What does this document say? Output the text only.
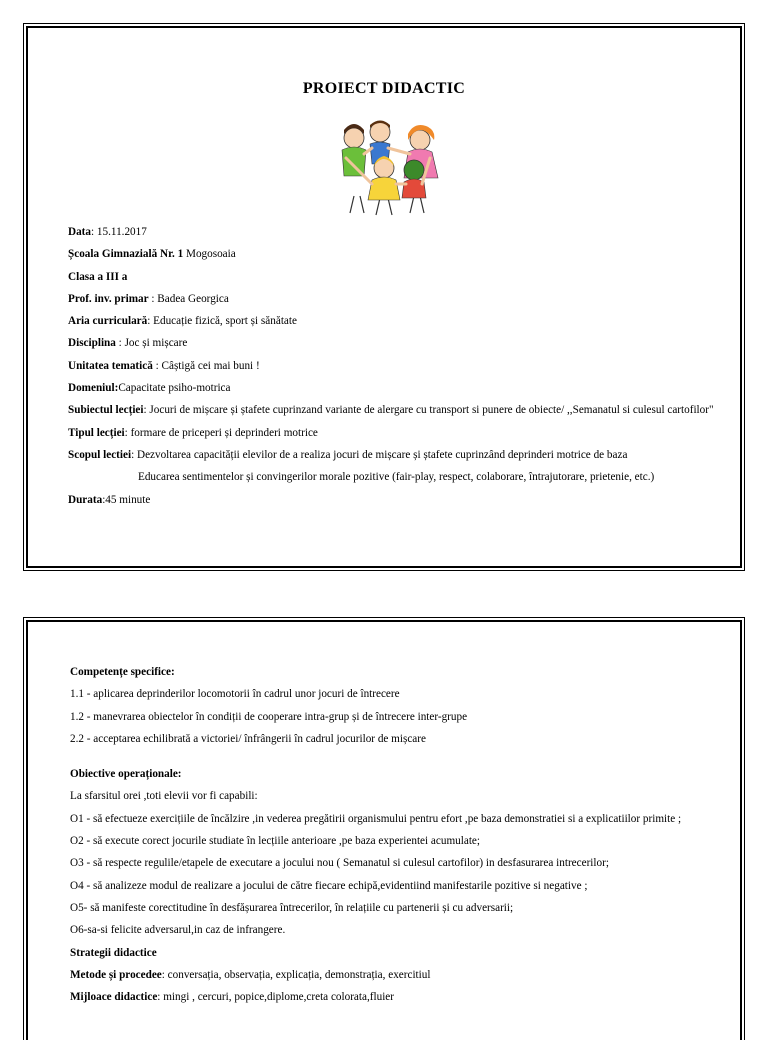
PROIECT DIDACTIC
Data: 15.11.2017
Școala Gimnazială Nr. 1 Mogosoaia
Clasa a III a
Prof. inv. primar : Badea Georgica
Aria curriculară: Educație fizică, sport și sănătate
Disciplina : Joc și mișcare
Unitatea tematică : Câștigă cei mai buni !
Domeniul:Capacitate psiho-motrica
Subiectul lecției: Jocuri de mișcare și ștafete cuprinzand variante de alergare cu transport si punere de obiecte/ ,,Semanatul si culesul cartofilor"
Tipul lecției: formare de priceperi și deprinderi motrice
Scopul lectiei: Dezvoltarea capacității elevilor de a realiza jocuri de mișcare și ștafete cuprinzând deprinderi motrice de baza
Educarea sentimentelor și convingerilor morale pozitive (fair-play, respect, colaborare, întrajutorare, prietenie, etc.)
Durata:45 minute
Competențe specifice:
1.1 - aplicarea deprinderilor locomotorii în cadrul unor jocuri de întrecere
1.2 - manevrarea obiectelor în condiții de cooperare intra-grup și de întrecere inter-grupe
2.2 - acceptarea echilibrată a victoriei/ înfrângerii în cadrul jocurilor de mișcare
Obiective operaționale:
La sfarsitul orei ,toti elevii vor fi capabili:
O1 - să efectueze exercițiile de încălzire ,in vederea pregătirii organismului pentru efort ,pe baza demonstratiei si a explicatiilor primite ;
O2 - să execute corect jocurile studiate în lecțiile anterioare ,pe baza experientei acumulate;
O3 - să respecte regulile/etapele de executare a jocului nou ( Semanatul si culesul cartofilor) in desfasurarea intrecerilor;
O4 - să analizeze modul de realizare a jocului de către fiecare echipă,evidentiind manifestarile pozitive si negative ;
O5- să manifeste corectitudine în desfășurarea întrecerilor, în relațiile cu partenerii și cu adversarii;
O6-sa-si felicite adversarul,in caz de infrangere.
Strategii didactice
Metode și procedee: conversația, observația, explicația, demonstrația, exercitiul
Mijloace didactice: mingi , cercuri, popice,diplome,creta colorata,fluier
